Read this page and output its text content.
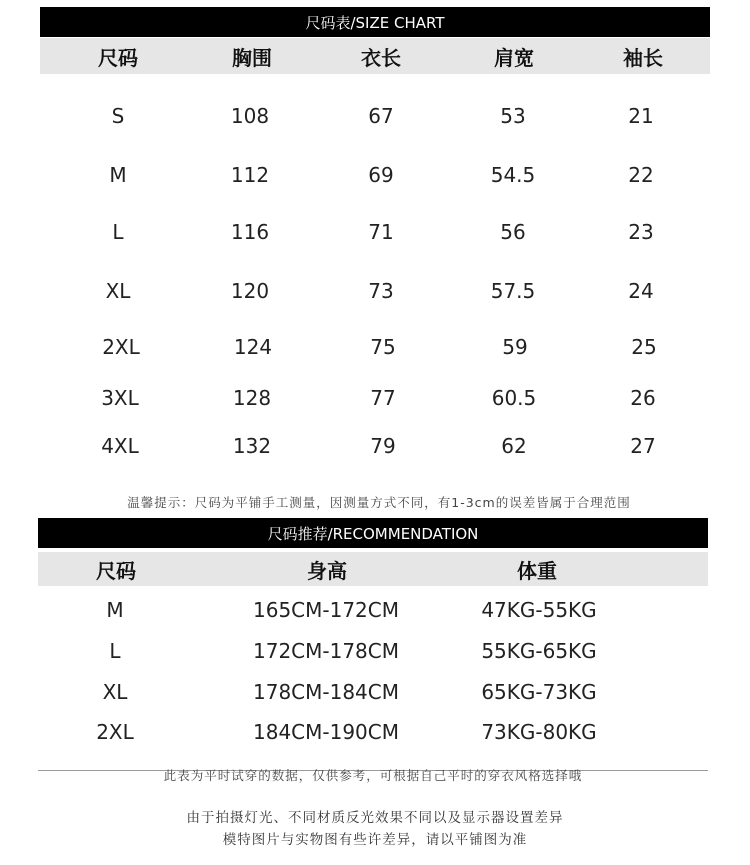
尺码表/SIZE CHART
尺码	胸围	衣长	肩宽	袖长
S	108	67	53	21
M	112	69	54.5	22
L	116	71	56	23
XL	120	73	57.5	24
2XL	124	75	59	25
3XL	128	77	60.5	26
4XL	132	79	62	27
温馨提示：尺码为平铺手工测量，因测量方式不同，有1-3cm的误差皆属于合理范围
尺码推荐/RECOMMENDATION
尺码	身高	体重
M	165CM-172CM	47KG-55KG
L	172CM-178CM	55KG-65KG
XL	178CM-184CM	65KG-73KG
2XL	184CM-190CM	73KG-80KG
此表为平时试穿的数据，仅供参考，可根据自己平时的穿衣风格选择哦
由于拍摄灯光、不同材质反光效果不同以及显示器设置差异
模特图片与实物图有些许差异，请以平铺图为准
